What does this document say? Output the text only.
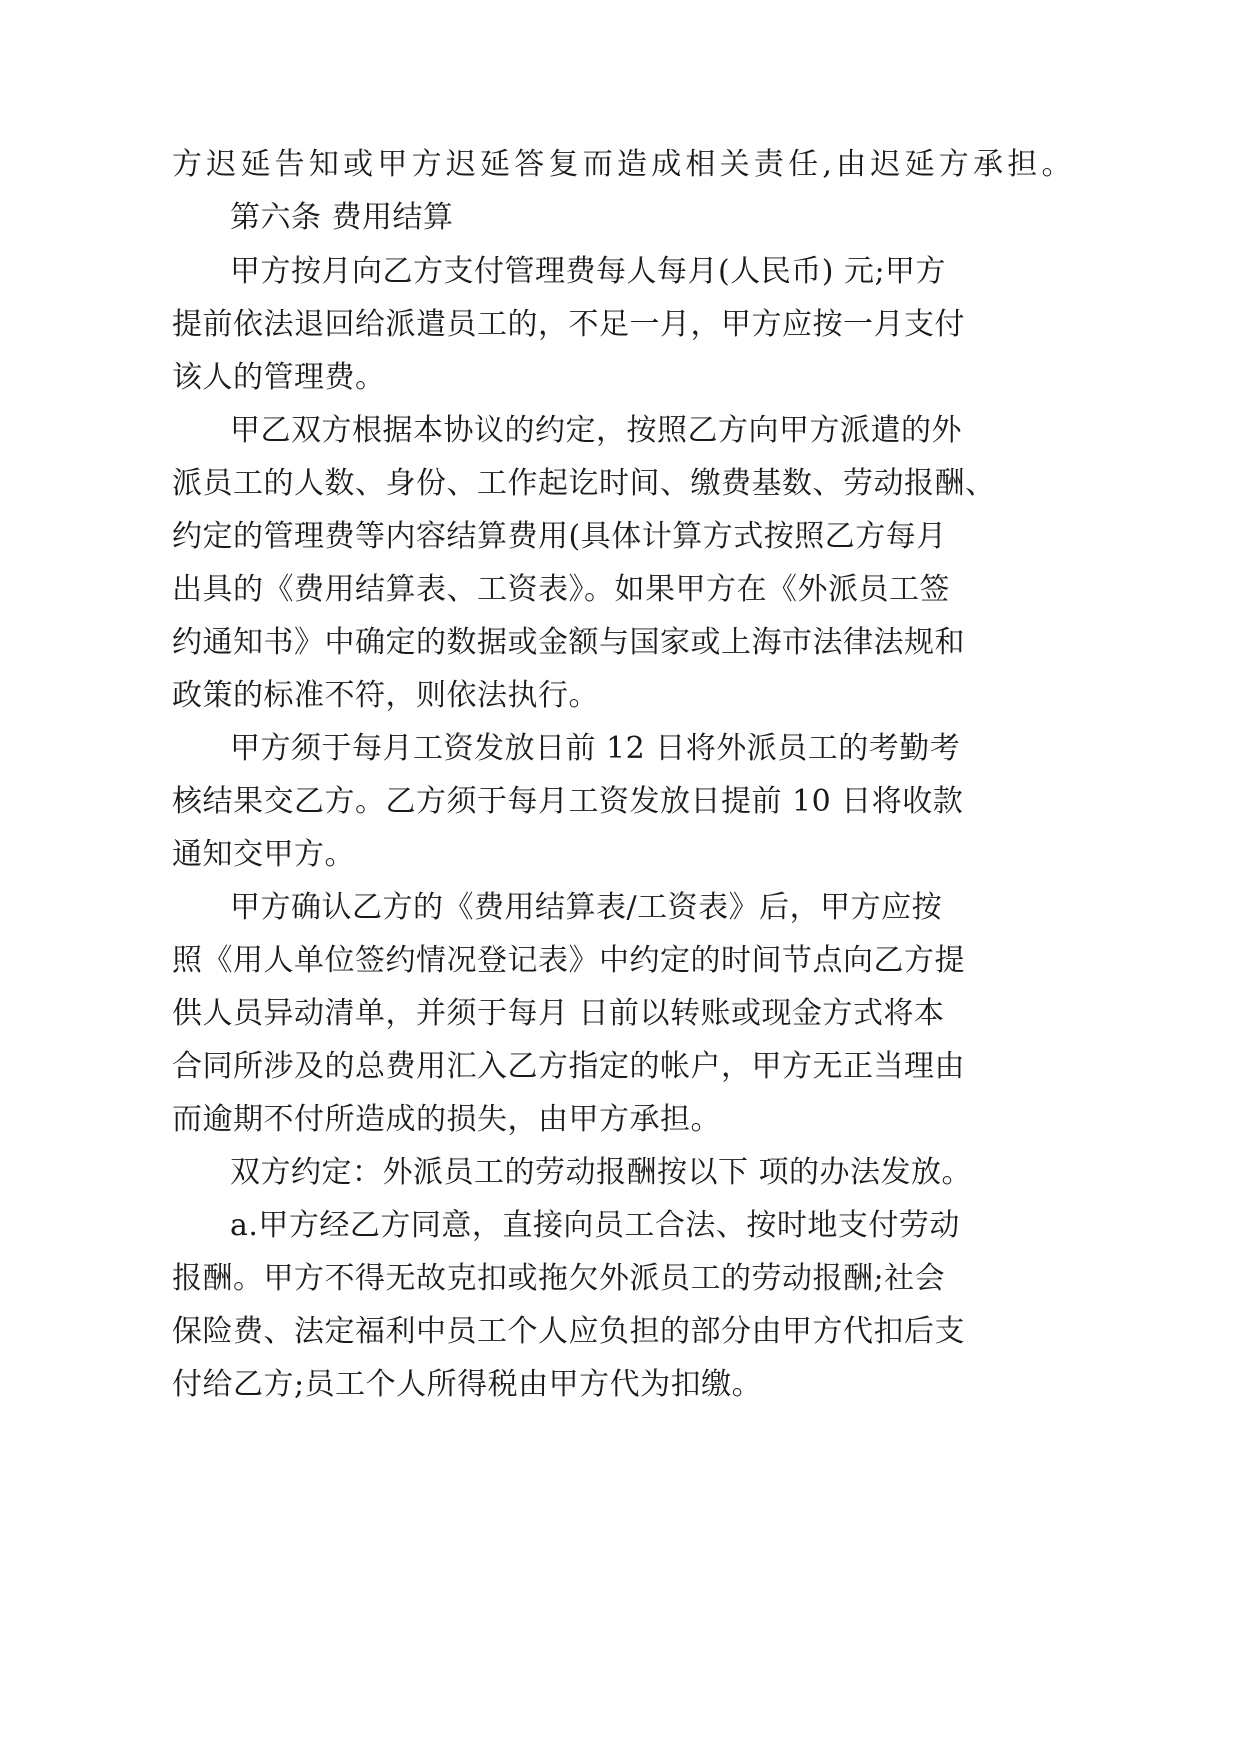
方迟延告知或甲方迟延答复而造成相关责任,由迟延方承担。
第六条 费用结算
甲方按月向乙方支付管理费每人每月(人民币) 元;甲方
提前依法退回给派遣员工的，不足一月，甲方应按一月支付
该人的管理费。
甲乙双方根据本协议的约定，按照乙方向甲方派遣的外
派员工的人数、身份、工作起讫时间、缴费基数、劳动报酬、
约定的管理费等内容结算费用(具体计算方式按照乙方每月
出具的《费用结算表、工资表》。如果甲方在《外派员工签
约通知书》中确定的数据或金额与国家或上海市法律法规和
政策的标准不符，则依法执行。
甲方须于每月工资发放日前 12 日将外派员工的考勤考
核结果交乙方。乙方须于每月工资发放日提前 10 日将收款
通知交甲方。
甲方确认乙方的《费用结算表/工资表》后，甲方应按
照《用人单位签约情况登记表》中约定的时间节点向乙方提
供人员异动清单，并须于每月 日前以转账或现金方式将本
合同所涉及的总费用汇入乙方指定的帐户，甲方无正当理由
而逾期不付所造成的损失，由甲方承担。
双方约定：外派员工的劳动报酬按以下 项的办法发放。
a.甲方经乙方同意，直接向员工合法、按时地支付劳动
报酬。甲方不得无故克扣或拖欠外派员工的劳动报酬;社会
保险费、法定福利中员工个人应负担的部分由甲方代扣后支
付给乙方;员工个人所得税由甲方代为扣缴。
